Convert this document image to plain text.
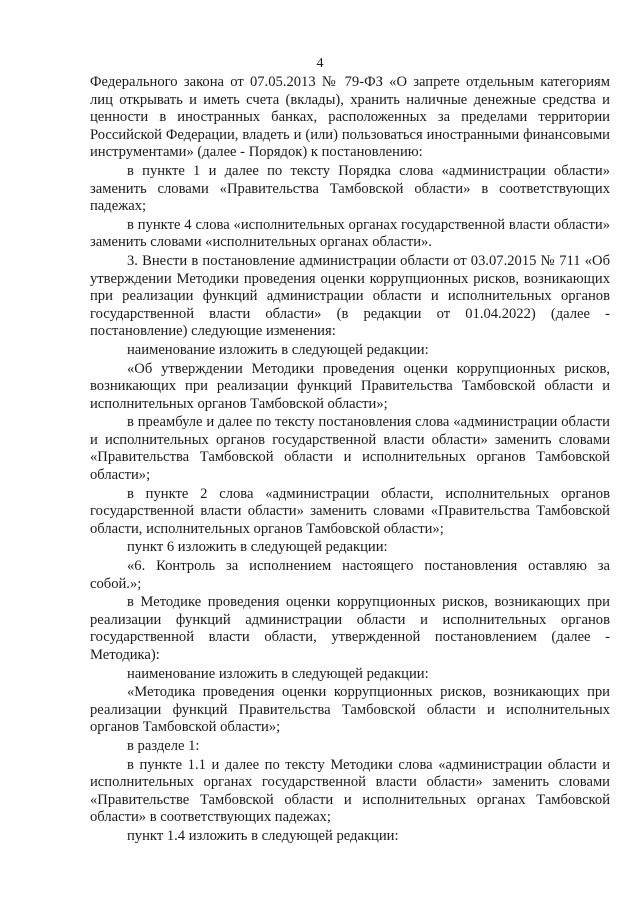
4

Федерального закона от 07.05.2013 № 79-ФЗ «О запрете отдельным категориям лиц открывать и иметь счета (вклады), хранить наличные денежные средства и ценности в иностранных банках, расположенных за пределами территории Российской Федерации, владеть и (или) пользоваться иностранными финансовыми инструментами» (далее - Порядок) к постановлению:

в пункте 1 и далее по тексту Порядка слова «администрации области» заменить словами «Правительства Тамбовской области» в соответствующих падежах;

в пункте 4 слова «исполнительных органах государственной власти области» заменить словами «исполнительных органах области».

3. Внести в постановление администрации области от 03.07.2015 № 711 «Об утверждении Методики проведения оценки коррупционных рисков, возникающих при реализации функций администрации области и исполнительных органов государственной власти области» (в редакции от 01.04.2022) (далее - постановление) следующие изменения:

наименование изложить в следующей редакции:

«Об утверждении Методики проведения оценки коррупционных рисков, возникающих при реализации функций Правительства Тамбовской области и исполнительных органов Тамбовской области»;

в преамбуле и далее по тексту постановления слова «администрации области и исполнительных органов государственной власти области» заменить словами «Правительства Тамбовской области и исполнительных органов Тамбовской области»;

в пункте 2 слова «администрации области, исполнительных органов государственной власти области» заменить словами «Правительства Тамбовской области, исполнительных органов Тамбовской области»;

пункт 6 изложить в следующей редакции:

«6. Контроль за исполнением настоящего постановления оставляю за собой.»;

в Методике проведения оценки коррупционных рисков, возникающих при реализации функций администрации области и исполнительных органов государственной власти области, утвержденной постановлением (далее - Методика):

наименование изложить в следующей редакции:

«Методика проведения оценки коррупционных рисков, возникающих при реализации функций Правительства Тамбовской области и исполнительных органов Тамбовской области»;

в разделе 1:

в пункте 1.1 и далее по тексту Методики слова «администрации области и исполнительных органах государственной власти области» заменить словами «Правительстве Тамбовской области и исполнительных органах Тамбовской области» в соответствующих падежах;

пункт 1.4 изложить в следующей редакции:
